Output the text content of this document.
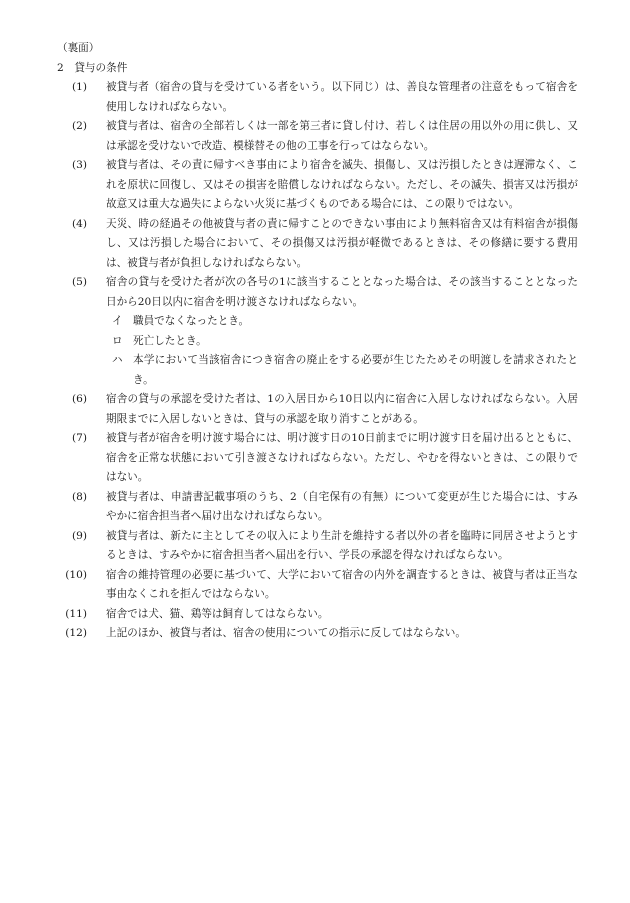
（裏面）
2　貸与の条件
(1)	被貸与者（宿舎の貸与を受けている者をいう。以下同じ）は、善良な管理者の注意をもって宿舎を使用しなければならない。
(2)	被貸与者は、宿舎の全部若しくは一部を第三者に貸し付け、若しくは住居の用以外の用に供し、又は承認を受けないで改造、模様替その他の工事を行ってはならない。
(3)	被貸与者は、その責に帰すべき事由により宿舎を滅失、損傷し、又は汚損したときは遅滞なく、これを原状に回復し、又はその損害を賠償しなければならない。ただし、その滅失、損害又は汚損が故意又は重大な過失によらない火災に基づくものである場合には、この限りではない。
(4)	天災、時の経過その他被貸与者の責に帰すことのできない事由により無料宿舎又は有料宿舎が損傷し、又は汚損した場合において、その損傷又は汚損が軽微であるときは、その修繕に要する費用は、被貸与者が負担しなければならない。
(5)	宿舎の貸与を受けた者が次の各号の1に該当することとなった場合は、その該当することとなった日から20日以内に宿舎を明け渡さなければならない。
イ 職員でなくなったとき。
ロ 死亡したとき。
ハ 本学において当該宿舎につき宿舎の廃止をする必要が生じたためその明渡しを請求されたとき。
(6)	宿舎の貸与の承認を受けた者は、1の入居日から10日以内に宿舎に入居しなければならない。入居期限までに入居しないときは、貸与の承認を取り消すことがある。
(7)	被貸与者が宿舎を明け渡す場合には、明け渡す日の10日前までに明け渡す日を届け出るとともに、宿舎を正常な状態において引き渡さなければならない。ただし、やむを得ないときは、この限りではない。
(8)	被貸与者は、申請書記載事項のうち、2（自宅保有の有無）について変更が生じた場合には、すみやかに宿舎担当者へ届け出なければならない。
(9)	被貸与者は、新たに主としてその収入により生計を維持する者以外の者を臨時に同居させようとするときは、すみやかに宿舎担当者へ届出を行い、学長の承認を得なければならない。
(10)	宿舎の維持管理の必要に基づいて、大学において宿舎の内外を調査するときは、被貸与者は正当な事由なくこれを拒んではならない。
(11)	宿舎では犬、猫、鶏等は飼育してはならない。
(12)	上記のほか、被貸与者は、宿舎の使用についての指示に反してはならない。
